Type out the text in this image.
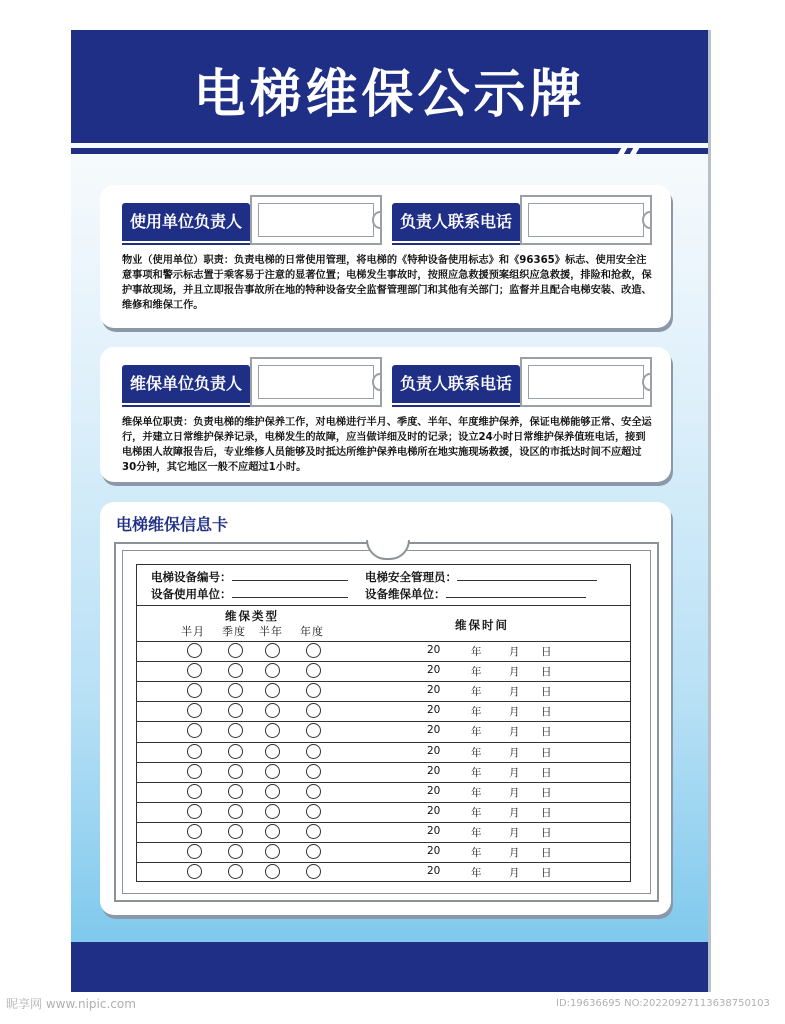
电梯维保公示牌
使用单位负责人	负责人联系电话
物业（使用单位）职责：负责电梯的日常使用管理，将电梯的《特种设备使用标志》和《96365》标志、使用安全注意事项和警示标志置于乘客易于注意的显著位置；电梯发生事故时，按照应急救援预案组织应急救援，排险和抢救，保护事故现场，并且立即报告事故所在地的特种设备安全监督管理部门和其他有关部门；监督并且配合电梯安装、改造、维修和维保工作。
维保单位负责人	负责人联系电话
维保单位职责：负责电梯的维护保养工作，对电梯进行半月、季度、半年、年度维护保养，保证电梯能够正常、安全运行，并建立日常维护保养记录，电梯发生的故障，应当做详细及时的记录；设立24小时日常维护保养值班电话，接到电梯困人故障报告后，专业维修人员能够及时抵达所维护保养电梯所在地实施现场救援，设区的市抵达时间不应超过30分钟，其它地区一般不应超过1小时。
电梯维保信息卡
电梯设备编号：	电梯安全管理员：
设备使用单位：	设备维保单位：
维保类型
维保时间
半月 季度 半年 年度
20	年	月 日
20	年	月 日
20	年	月 日
20	年	月 日
20	年	月 日
20	年	月 日
20	年	月 日
20	年	月 日
20	年	月 日
20	年	月 日
20	年	月 日
20	年	月 日
昵享网 www.nipic.com	ID:19636695 NO:20220927113638750103
